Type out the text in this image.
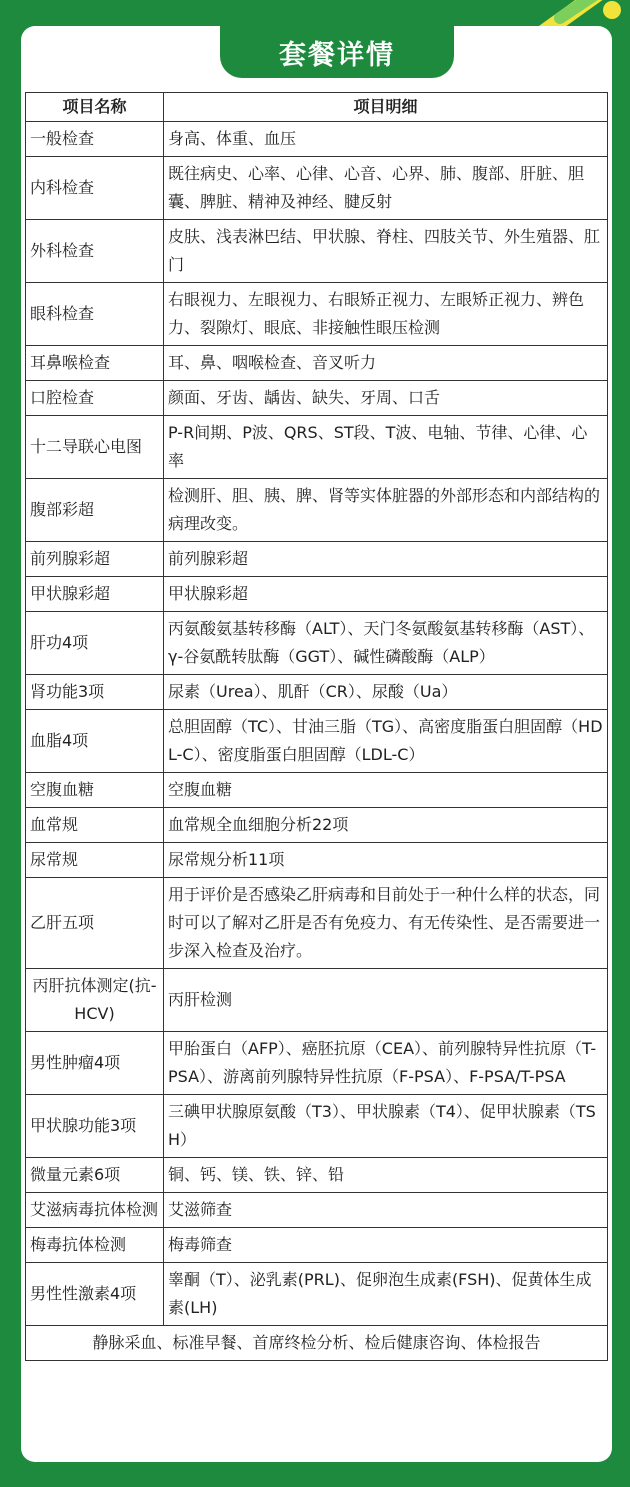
套餐详情
项目名称	项目明细
一般检查	身高、体重、血压
内科检查	既往病史、心率、心律、心音、心界、肺、腹部、肝脏、胆囊、脾脏、精神及神经、腱反射
外科检查	皮肤、浅表淋巴结、甲状腺、脊柱、四肢关节、外生殖器、肛门
眼科检查	右眼视力、左眼视力、右眼矫正视力、左眼矫正视力、辨色力、裂隙灯、眼底、非接触性眼压检测
耳鼻喉检查	耳、鼻、咽喉检查、音叉听力
口腔检查	颜面、牙齿、龋齿、缺失、牙周、口舌
十二导联心电图	P-R间期、P波、QRS、ST段、T波、电轴、节律、心律、心率
腹部彩超	检测肝、胆、胰、脾、肾等实体脏器的外部形态和内部结构的病理改变。
前列腺彩超	前列腺彩超
甲状腺彩超	甲状腺彩超
肝功4项	丙氨酸氨基转移酶（ALT）、天门冬氨酸氨基转移酶（AST）、γ-谷氨酰转肽酶（GGT）、碱性磷酸酶（ALP）
肾功能3项	尿素（Urea）、肌酐（CR）、尿酸（Ua）
血脂4项	总胆固醇（TC）、甘油三脂（TG）、高密度脂蛋白胆固醇（HDL-C）、密度脂蛋白胆固醇（LDL-C）
空腹血糖	空腹血糖
血常规	血常规全血细胞分析22项
尿常规	尿常规分析11项
乙肝五项	用于评价是否感染乙肝病毒和目前处于一种什么样的状态，同时可以了解对乙肝是否有免疫力、有无传染性、是否需要进一步深入检查及治疗。
丙肝抗体测定(抗-HCV)	丙肝检测
男性肿瘤4项	甲胎蛋白（AFP）、癌胚抗原（CEA）、前列腺特异性抗原（T-PSA）、游离前列腺特异性抗原（F-PSA）、F-PSA/T-PSA
甲状腺功能3项	三碘甲状腺原氨酸（T3）、甲状腺素（T4）、促甲状腺素（TSH）
微量元素6项	铜、钙、镁、铁、锌、铅
艾滋病毒抗体检测	艾滋筛查
梅毒抗体检测	梅毒筛查
男性性激素4项	睾酮（T）、泌乳素(PRL)、促卵泡生成素(FSH)、促黄体生成素(LH)
静脉采血、标准早餐、首席终检分析、检后健康咨询、体检报告	
